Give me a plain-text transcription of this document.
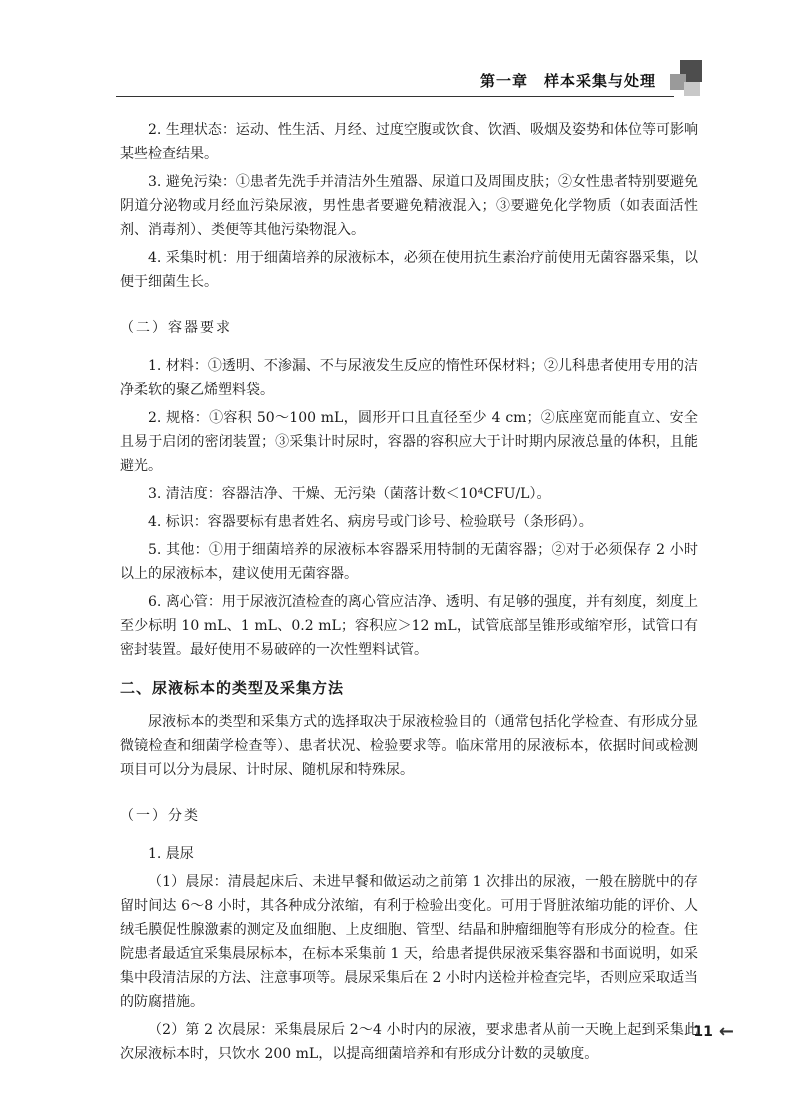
第一章　样本采集与处理

2. 生理状态：运动、性生活、月经、过度空腹或饮食、饮酒、吸烟及姿势和体位等可影响某些检查结果。

3. 避免污染：①患者先洗手并清洁外生殖器、尿道口及周围皮肤；②女性患者特别要避免阴道分泌物或月经血污染尿液，男性患者要避免精液混入；③要避免化学物质（如表面活性剂、消毒剂）、类便等其他污染物混入。

4. 采集时机：用于细菌培养的尿液标本，必须在使用抗生素治疗前使用无菌容器采集，以便于细菌生长。

（二）容器要求

1. 材料：①透明、不渗漏、不与尿液发生反应的惰性环保材料；②儿科患者使用专用的洁净柔软的聚乙烯塑料袋。

2. 规格：①容积 50～100 mL，圆形开口且直径至少 4 cm；②底座宽而能直立、安全且易于启闭的密闭装置；③采集计时尿时，容器的容积应大于计时期内尿液总量的体积，且能避光。

3. 清洁度：容器洁净、干燥、无污染（菌落计数＜10⁴CFU/L）。

4. 标识：容器要标有患者姓名、病房号或门诊号、检验联号（条形码）。

5. 其他：①用于细菌培养的尿液标本容器采用特制的无菌容器；②对于必须保存 2 小时以上的尿液标本，建议使用无菌容器。

6. 离心管：用于尿液沉渣检查的离心管应洁净、透明、有足够的强度，并有刻度，刻度上至少标明 10 mL、1 mL、0.2 mL；容积应＞12 mL，试管底部呈锥形或缩窄形，试管口有密封装置。最好使用不易破碎的一次性塑料试管。

二、尿液标本的类型及采集方法

尿液标本的类型和采集方式的选择取决于尿液检验目的（通常包括化学检查、有形成分显微镜检查和细菌学检查等）、患者状况、检验要求等。临床常用的尿液标本，依据时间或检测项目可以分为晨尿、计时尿、随机尿和特殊尿。

（一）分类

1. 晨尿

（1）晨尿：清晨起床后、未进早餐和做运动之前第 1 次排出的尿液，一般在膀胱中的存留时间达 6～8 小时，其各种成分浓缩，有利于检验出变化。可用于肾脏浓缩功能的评价、人绒毛膜促性腺激素的测定及血细胞、上皮细胞、管型、结晶和肿瘤细胞等有形成分的检查。住院患者最适宜采集晨尿标本，在标本采集前 1 天，给患者提供尿液采集容器和书面说明，如采集中段清洁尿的方法、注意事项等。晨尿采集后在 2 小时内送检并检查完毕，否则应采取适当的防腐措施。

（2）第 2 次晨尿：采集晨尿后 2～4 小时内的尿液，要求患者从前一天晚上起到采集此次尿液标本时，只饮水 200 mL，以提高细菌培养和有形成分计数的灵敏度。

11 ←
